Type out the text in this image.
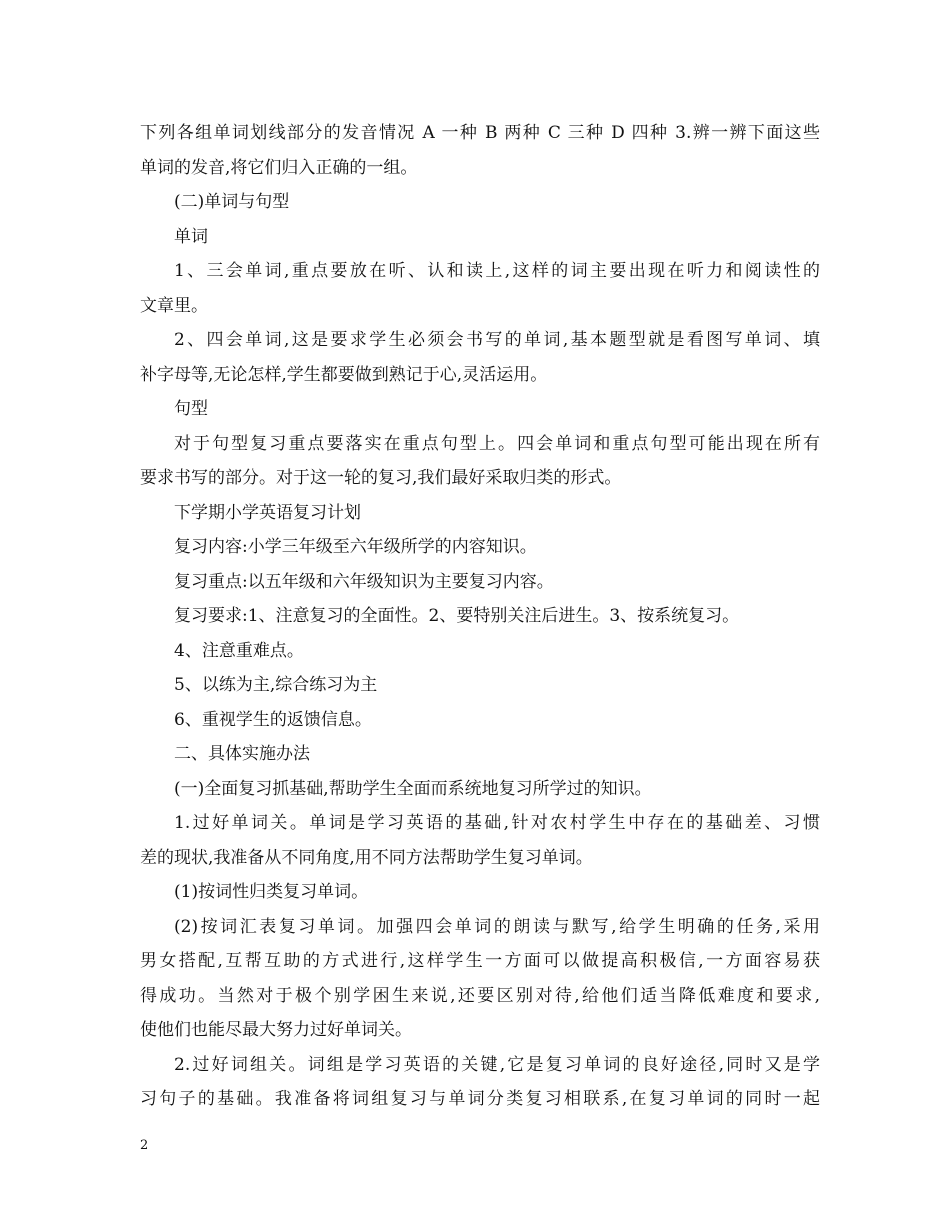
下列各组单词划线部分的发音情况 A 一种 B 两种 C 三种 D 四种 3.辨一辨下面这些
单词的发音,将它们归入正确的一组。
(二)单词与句型
单词
1、三会单词,重点要放在听、认和读上,这样的词主要出现在听力和阅读性的
文章里。
2、四会单词,这是要求学生必须会书写的单词,基本题型就是看图写单词、填
补字母等,无论怎样,学生都要做到熟记于心,灵活运用。
句型
对于句型复习重点要落实在重点句型上。四会单词和重点句型可能出现在所有
要求书写的部分。对于这一轮的复习,我们最好采取归类的形式。
下学期小学英语复习计划
复习内容:小学三年级至六年级所学的内容知识。
复习重点:以五年级和六年级知识为主要复习内容。
复习要求:1、注意复习的全面性。2、要特别关注后进生。3、按系统复习。
4、注意重难点。
5、以练为主,综合练习为主
6、重视学生的返馈信息。
二、具体实施办法
(一)全面复习抓基础,帮助学生全面而系统地复习所学过的知识。
1.过好单词关。单词是学习英语的基础,针对农村学生中存在的基础差、习惯
差的现状,我准备从不同角度,用不同方法帮助学生复习单词。
(1)按词性归类复习单词。
(2)按词汇表复习单词。加强四会单词的朗读与默写,给学生明确的任务,采用
男女搭配,互帮互助的方式进行,这样学生一方面可以做提高积极信,一方面容易获
得成功。当然对于极个别学困生来说,还要区别对待,给他们适当降低难度和要求,
使他们也能尽最大努力过好单词关。
2.过好词组关。词组是学习英语的关键,它是复习单词的良好途径,同时又是学
习句子的基础。我准备将词组复习与单词分类复习相联系,在复习单词的同时一起
2
